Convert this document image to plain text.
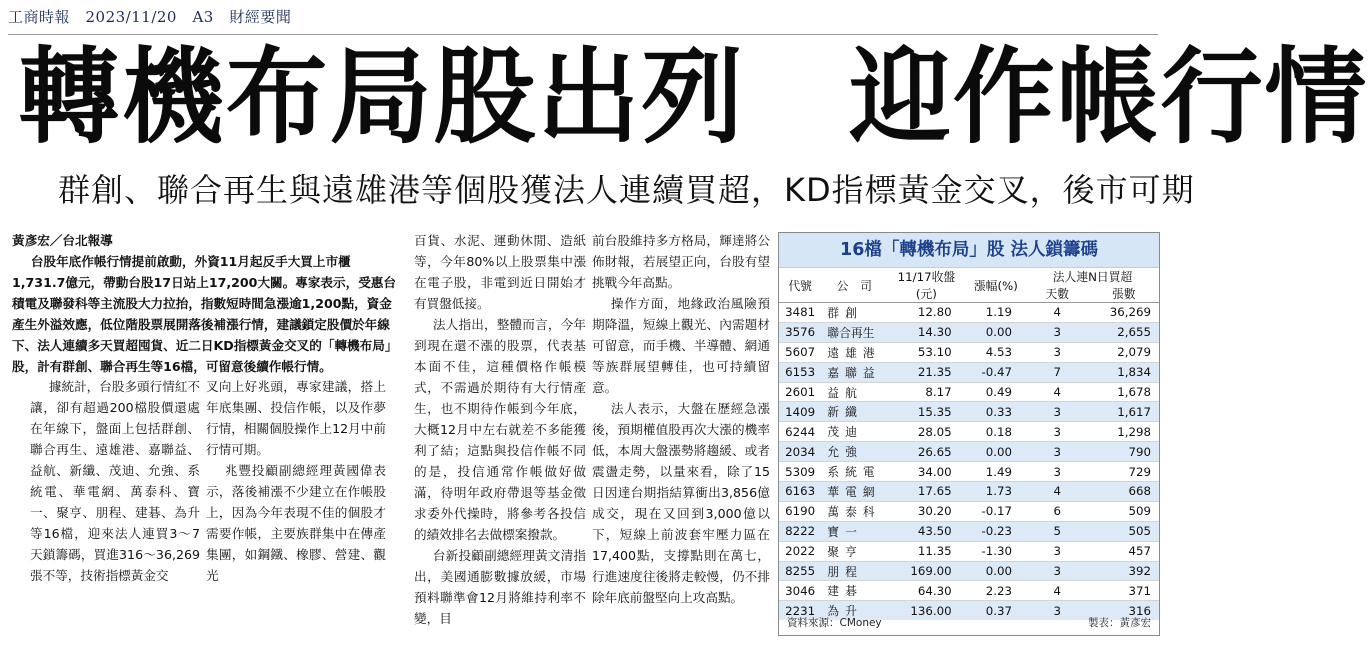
工商時報　2023/11/20　A3　財經要聞
轉機布局股出列　迎作帳行情
群創、聯合再生與遠雄港等個股獲法人連續買超，KD指標黃金交叉，後市可期

黃彥宏／台北報導

台股年底作帳行情提前啟動，外資11月起反手大買上市櫃1,731.7億元，帶動台股17日站上17,200大關。專家表示，受惠台積電及聯發科等主流股大力拉抬，指數短時間急漲逾1,200點，資金產生外溢效應，低位階股票展開落後補漲行情，建議鎖定股價於年線下、法人連續多天買超囤貨、近二日KD指標黃金交叉的「轉機布局」股，計有群創、聯合再生等16檔，可留意後續作帳行情。

據統計，台股多頭行情紅不讓，卻有超過200檔股價還處在年線下，盤面上包括群創、聯合再生、遠雄港、嘉聯益、益航、新纖、茂迪、允強、系統電、華電網、萬泰科、寶一、聚亨、朋程、建碁、為升等16檔，迎來法人連買3～7天鎖籌碼，買進316～36,269張不等，技術指標黃金交

叉向上好兆頭，專家建議，搭上年底集團、投信作帳，以及作夢行情，相關個股操作上12月中前行情可期。

兆豐投顧副總經理黃國偉表示，落後補漲不少建立在作帳股上，因為今年表現不佳的個股才需要作帳，主要族群集中在傳產集團，如鋼鐵、橡膠、營建、觀光

百貨、水泥、運動休閒、造紙等，今年80%以上股票集中漲在電子股，非電到近日開始才有買盤低接。

法人指出，整體而言，今年到現在還不漲的股票，代表基本面不佳，這種價格作帳模式，不需過於期待有大行情產生，也不期待作帳到今年底，大概12月中左右就差不多能獲利了結；這點與投信作帳不同的是，投信通常作帳做好做滿，待明年政府帶退等基金徵求委外代操時，將參考各投信的績效排名去做標案撥款。

台新投顧副總經理黃文清指出，美國通膨數據放緩，市場預料聯準會12月將維持利率不變，目

前台股維持多方格局，輝達將公佈財報，若展望正向，台股有望挑戰今年高點。

操作方面，地緣政治風險預期降溫，短線上觀光、內需題材可留意，而手機、半導體、網通等族群展望轉佳，也可持續留意。

法人表示，大盤在歷經急漲後，預期權值股再次大漲的機率低，本周大盤漲勢將趨緩、或者震盪走勢，以量來看，除了15日因達台期指結算衝出3,856億成交，現在又回到3,000億以下，短線上前波套牢壓力區在17,400點，支撐點則在萬七，行進速度往後將走較慢，仍不排除年底前盤堅向上攻高點。

16檔「轉機布局」股 法人鎖籌碼
代號	公　司	11/17收盤(元)	漲幅(%)	法人連N日買超	
				天數	張數
3481	群創	12.80	1.19	4	36,269
3576	聯合再生	14.30	0.00	3	2,655
5607	遠雄港	53.10	4.53	3	2,079
6153	嘉聯益	21.35	-0.47	7	1,834
2601	益航	8.17	0.49	4	1,678
1409	新纖	15.35	0.33	3	1,617
6244	茂迪	28.05	0.18	3	1,298
2034	允強	26.65	0.00	3	790
5309	系統電	34.00	1.49	3	729
6163	華電網	17.65	1.73	4	668
6190	萬泰科	30.20	-0.17	6	509
8222	寶一	43.50	-0.23	5	505
2022	聚亨	11.35	-1.30	3	457
8255	朋程	169.00	0.00	3	392
3046	建碁	64.30	2.23	4	371
2231	為升	136.00	0.37	3	316
資料來源：CMoney	製表：黃彥宏
